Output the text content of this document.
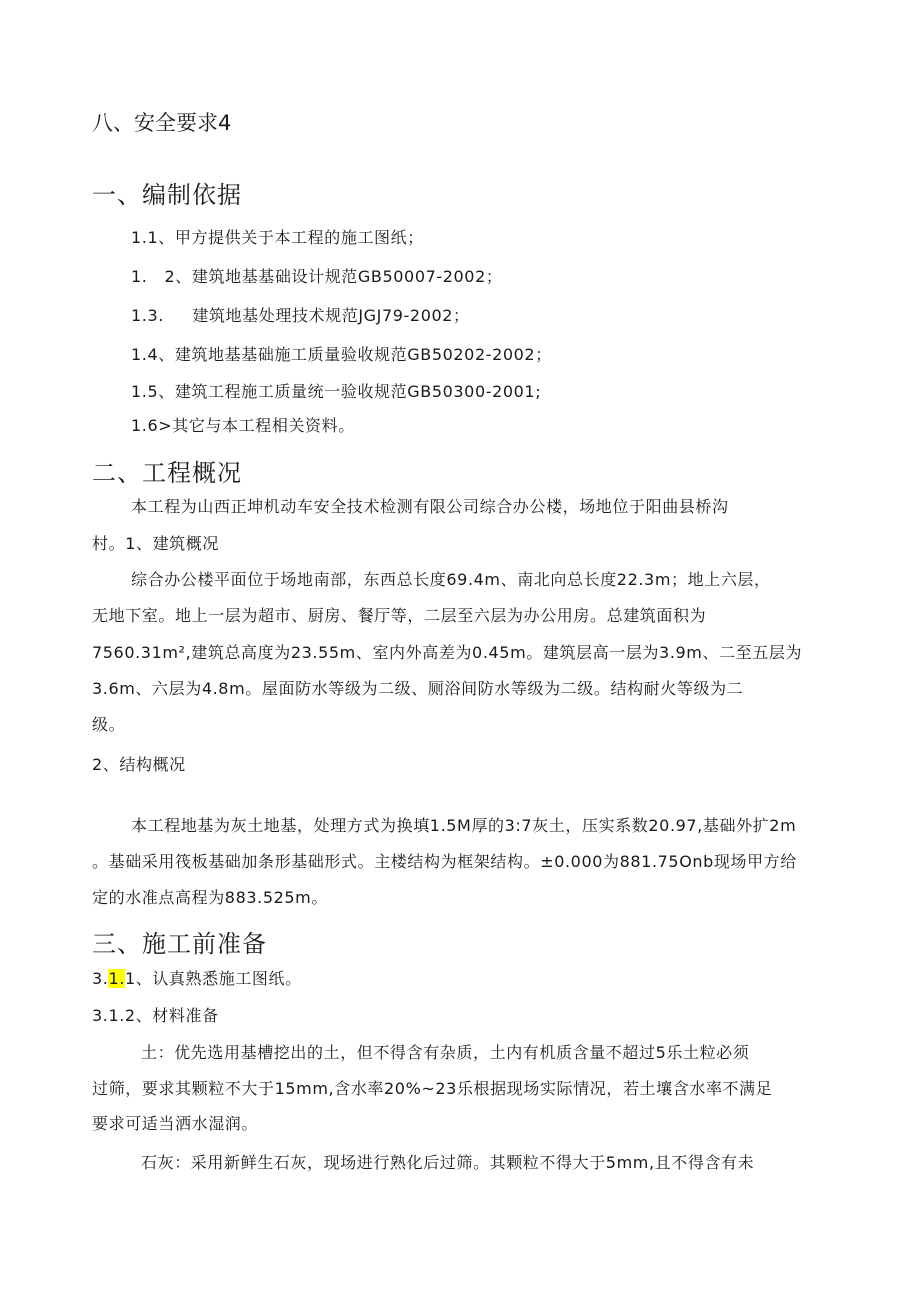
八、安全要求4
一、编制依据
1.1、甲方提供关于本工程的施工图纸；
1.   2、建筑地基基础设计规范GB50007-2002；
1.3.     建筑地基处理技术规范JGJ79-2002；
1.4、建筑地基基础施工质量验收规范GB50202-2002；
1.5、建筑工程施工质量统一验收规范GB50300-2001;
1.6>其它与本工程相关资料。
二、工程概况
本工程为山西正坤机动车安全技术检测有限公司综合办公楼，场地位于阳曲县桥沟
村。1、建筑概况
综合办公楼平面位于场地南部，东西总长度69.4m、南北向总长度22.3m；地上六层，
无地下室。地上一层为超市、厨房、餐厅等，二层至六层为办公用房。总建筑面积为
7560.31m²,建筑总高度为23.55m、室内外高差为0.45m。建筑层高一层为3.9m、二至五层为
3.6m、六层为4.8m。屋面防水等级为二级、厕浴间防水等级为二级。结构耐火等级为二
级。
2、结构概况
本工程地基为灰土地基，处理方式为换填1.5M厚的3:7灰土，压实系数20.97,基础外扩2m
。基础采用筏板基础加条形基础形式。主楼结构为框架结构。±0.000为881.75Onb现场甲方给
定的水准点高程为883.525m。
三、施工前准备
3.1.1、认真熟悉施工图纸。
3.1.2、材料准备
土：优先选用基槽挖出的土，但不得含有杂质，土内有机质含量不超过5乐土粒必须
过筛，要求其颗粒不大于15mm,含水率20%~23乐根据现场实际情况，若土壤含水率不满足
要求可适当洒水湿润。
石灰：采用新鲜生石灰，现场进行熟化后过筛。其颗粒不得大于5mm,且不得含有未
